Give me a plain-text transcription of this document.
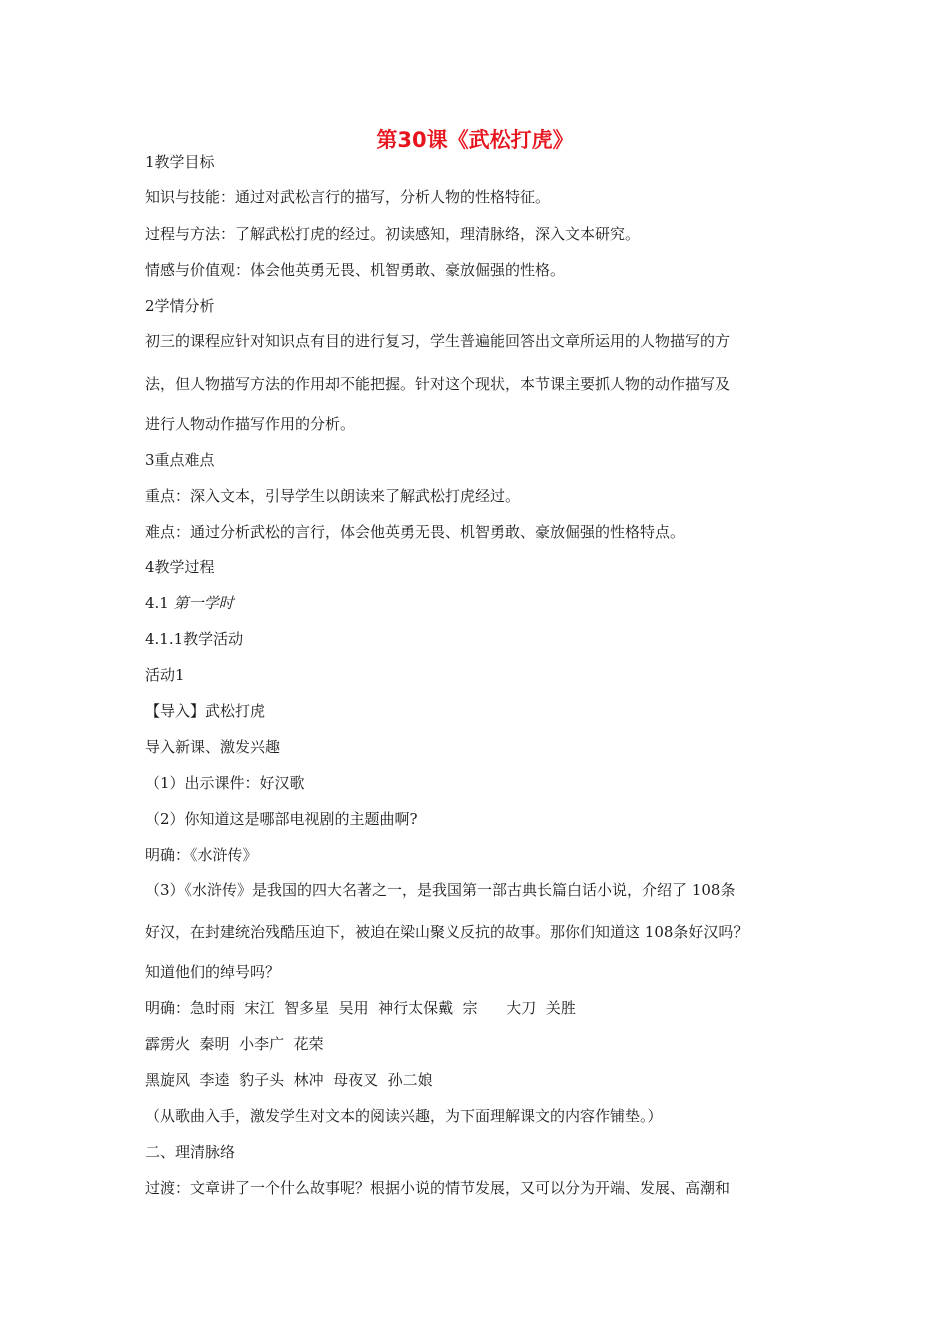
第30课《武松打虎》
1教学目标
知识与技能：通过对武松言行的描写，分析人物的性格特征。
过程与方法：了解武松打虎的经过。初读感知，理清脉络，深入文本研究。
情感与价值观：体会他英勇无畏、机智勇敢、豪放倔强的性格。
2学情分析
初三的课程应针对知识点有目的进行复习，学生普遍能回答出文章所运用的人物描写的方
法，但人物描写方法的作用却不能把握。针对这个现状，本节课主要抓人物的动作描写及
进行人物动作描写作用的分析。
3重点难点
重点：深入文本，引导学生以朗读来了解武松打虎经过。
难点：通过分析武松的言行，体会他英勇无畏、机智勇敢、豪放倔强的性格特点。
4教学过程
4.1 第一学时
4.1.1教学活动
活动1
【导入】武松打虎
导入新课、激发兴趣
（1）出示课件：好汉歌
（2）你知道这是哪部电视剧的主题曲啊?
明确：《水浒传》
（3）《水浒传》是我国的四大名著之一，是我国第一部古典长篇白话小说，介绍了 108条
好汉，在封建统治残酷压迫下，被迫在梁山聚义反抗的故事。那你们知道这 108条好汉吗？
知道他们的绰号吗？
明确：急时雨  宋江  智多星  吴用  神行太保戴  宗      大刀  关胜
霹雳火  秦明  小李广  花荣
黑旋风  李逵  豹子头  林冲  母夜叉  孙二娘
（从歌曲入手，激发学生对文本的阅读兴趣，为下面理解课文的内容作铺垫。）
二、理清脉络
过渡：文章讲了一个什么故事呢？根据小说的情节发展，又可以分为开端、发展、高潮和
